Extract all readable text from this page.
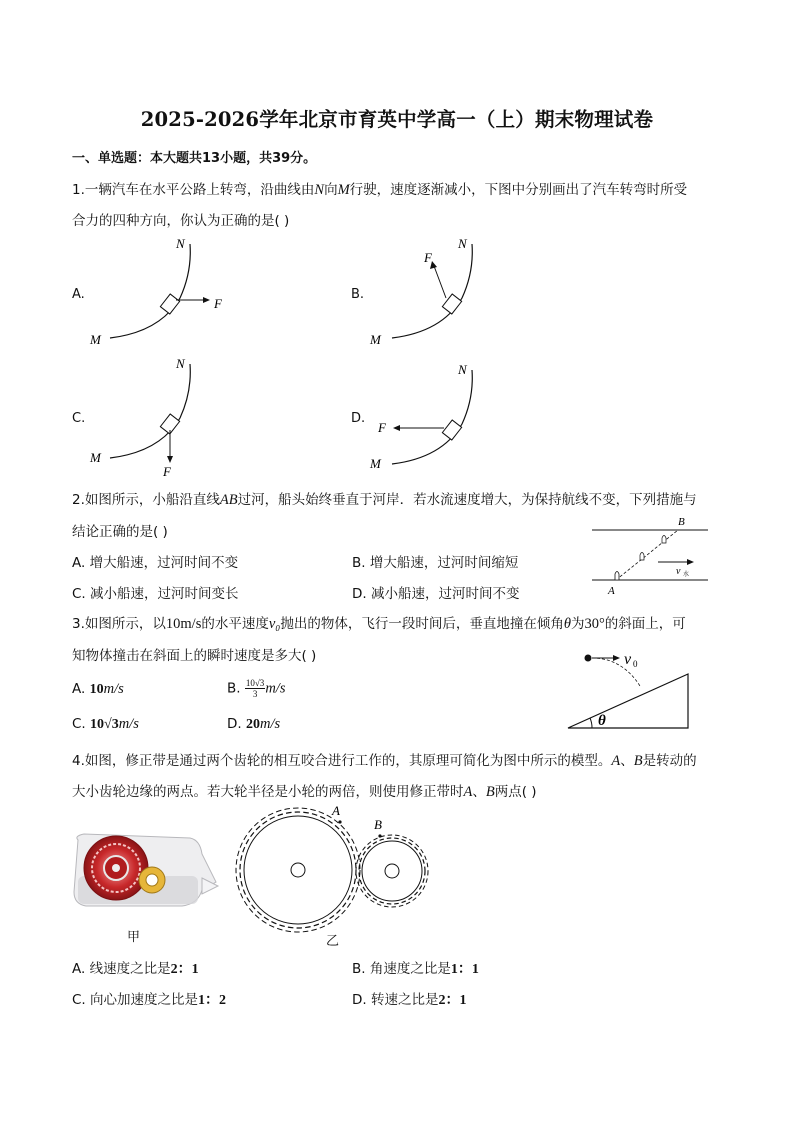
2025-2026学年北京市育英中学高一（上）期末物理试卷
一、单选题：本大题共13小题，共39分。
1.一辆汽车在水平公路上转弯，沿曲线由N向M行驶，速度逐渐减小，下图中分别画出了汽车转弯时所受
合力的四种方向，你认为正确的是( )
A.	B.
C.	D.
N
M
F
N
M
F
N
M
F
N
M
F
2.如图所示，小船沿直线AB过河，船头始终垂直于河岸．若水流速度增大，为保持航线不变，下列措施与
结论正确的是( )
A. 增大船速，过河时间不变	B. 增大船速，过河时间缩短
C. 减小船速，过河时间变长	D. 减小船速，过河时间不变
v 水
B
A
3.如图所示，以10m/s的水平速度v₀抛出的物体，飞行一段时间后，垂直地撞在倾角θ为30°的斜面上，可
知物体撞击在斜面上的瞬时速度是多大( )
A. 10m/s	B. $\frac{10√3}{3}m/s$
C. 10√3m/s	D. 20m/s	θ
v 0
4.如图，修正带是通过两个齿轮的相互咬合进行工作的，其原理可简化为图中所示的模型。A、B是转动的
大小齿轮边缘的两点。若大轮半径是小轮的两倍，则使用修正带时A、B两点( )
甲
A
B
乙
A. 线速度之比是2：1	B. 角速度之比是1：1
C. 向心加速度之比是1：2	D. 转速之比是2：1
